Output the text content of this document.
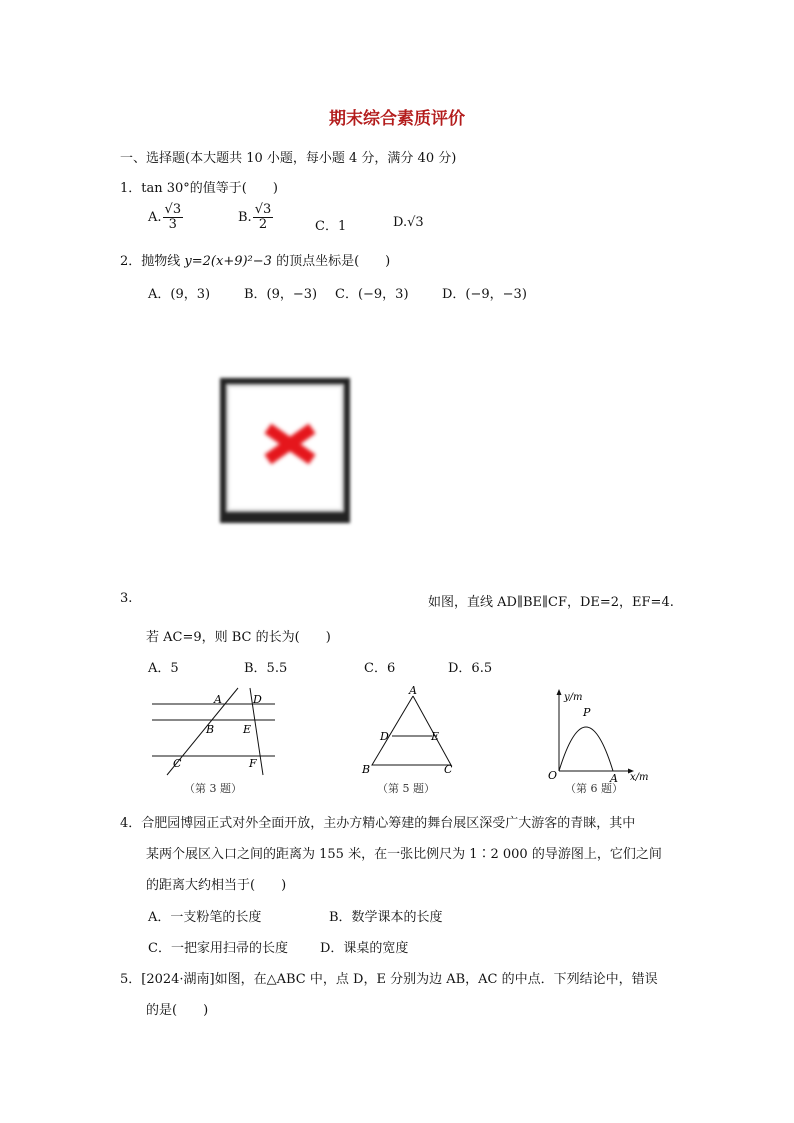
期末综合素质评价
一、选择题(本大题共 10 小题，每小题 4 分，满分 40 分)
1．tan 30°的值等于(　　)
A. $\frac{√3}{3}$	B. $\frac{√3}{2}$	C．1	D.√3
2．抛物线 y=2(x+9)²−3 的顶点坐标是(　　)
A．(9，3)	B．(9，−3) C．(−9，3)	D．(−9，−3)
3.	如图，直线 AD∥BE∥CF，DE=2，EF=4.
若 AC=9，则 BC 的长为(　　)
A．5	B．5.5	C．6	D．6.5
A
B
C
D
E
F
（第 3 题）
A
B	C
D	E
（第 5 题）
y/m
x/m
O	A
P
（第 6 题）
4．合肥园博园正式对外全面开放，主办方精心筹建的舞台展区深受广大游客的青睐，其中
某两个展区入口之间的距离为 155 米，在一张比例尺为 1∶2 000 的导游图上，它们之间
的距离大约相当于(　　)
A．一支粉笔的长度	B．数学课本的长度
C．一把家用扫帚的长度 D．课桌的宽度
5．[2024·湖南]如图，在△ABC 中，点 D，E 分别为边 AB，AC 的中点．下列结论中，错误
的是(　　)
